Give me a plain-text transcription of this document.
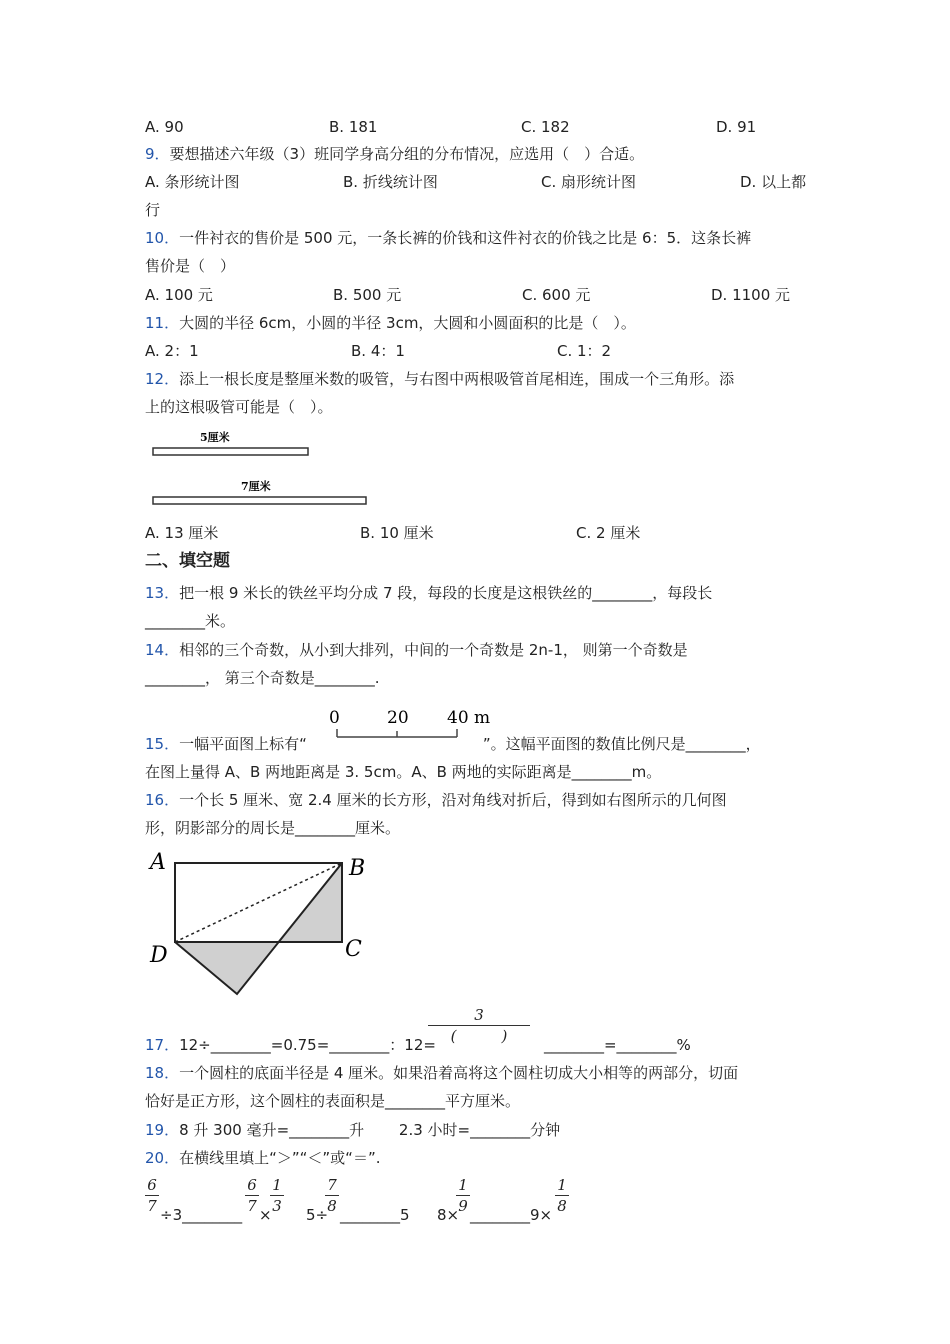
A. 90	B. 181	C. 182	D. 91
9．要想描述六年级（3）班同学身高分组的分布情况，应选用（　）合适。
A. 条形统计图	B. 折线统计图	C. 扇形统计图	D. 以上都
行
10．一件衬衣的售价是 500 元，一条长裤的价钱和这件衬衣的价钱之比是 6：5．这条长裤
售价是（　）
A. 100 元	B. 500 元	C. 600 元	D. 1100 元
11．大圆的半径 6cm，小圆的半径 3cm，大圆和小圆面积的比是（　）。
A. 2：1	B. 4：1	C. 1：2
12．添上一根长度是整厘米数的吸管，与右图中两根吸管首尾相连，围成一个三角形。添
上的这根吸管可能是（　）。
5厘米
7厘米
A. 13 厘米	B. 10 厘米	C. 2 厘米
二、填空题
13．把一根 9 米长的铁丝平均分成 7 段，每段的长度是这根铁丝的________，每段长
________米。
14．相邻的三个奇数，从小到大排列，中间的一个奇数是 2n-1， 则第一个奇数是
________， 第三个奇数是________.
0	20 40 m
15．一幅平面图上标有“	”。这幅平面图的数值比例尺是________，
在图上量得 A、B 两地距离是 3. 5cm。A、B 两地的实际距离是________m。
16．一个长 5 厘米、宽 2.4 厘米的长方形，沿对角线对折后，得到如右图所示的几何图
形，阴影部分的周长是________厘米。
A	B
C
D
17．12÷________=0.75=________：12=	________=________%
3
(　　　)
18．一个圆柱的底面半径是 4 厘米。如果沿着高将这个圆柱切成大小相等的两部分，切面
恰好是正方形，这个圆柱的表面积是________平方厘米。
19．8 升 300 毫升=________升　　 2.3 小时=________分钟
20．在横线里填上“＞”“＜”或“＝”.
6
7 ÷3________
6
7 ×
1
3 5÷
7
8 ________5 8×
1
9 ________9×
1
8
